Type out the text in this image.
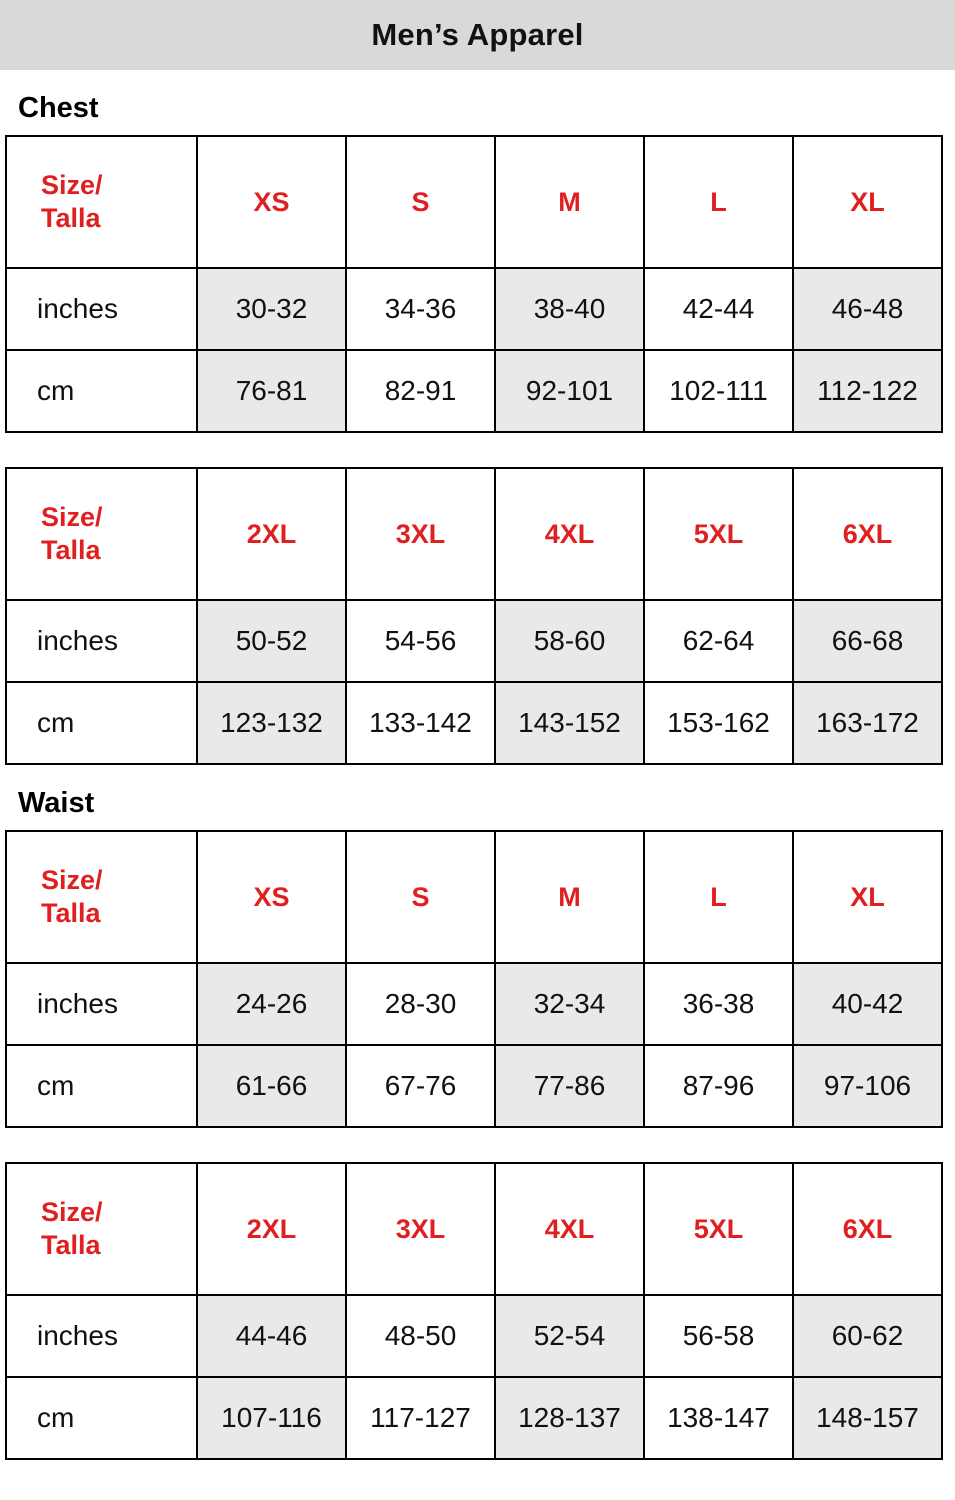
Men’s Apparel
Chest
Size/
Talla	XS	S	M	L	XL
inches	30-32	34-36	38-40	42-44	46-48
cm	76-81	82-91	92-101	102-111	112-122
Size/
Talla	2XL	3XL	4XL	5XL	6XL
inches	50-52	54-56	58-60	62-64	66-68
cm	123-132	133-142	143-152	153-162	163-172
Waist
Size/
Talla	XS	S	M	L	XL
inches	24-26	28-30	32-34	36-38	40-42
cm	61-66	67-76	77-86	87-96	97-106
Size/
Talla	2XL	3XL	4XL	5XL	6XL
inches	44-46	48-50	52-54	56-58	60-62
cm	107-116	117-127	128-137	138-147	148-157
